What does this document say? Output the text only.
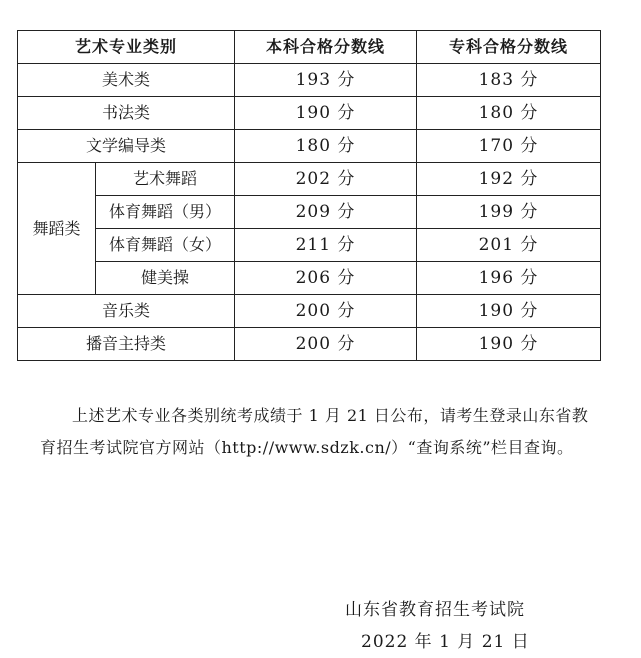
艺术专业类别		本科合格分数线	专科合格分数线
美术类		193 分	183 分
书法类		190 分	180 分
文学编导类		180 分	170 分
舞蹈类	艺术舞蹈	202 分	192 分
	体育舞蹈（男）	209 分	199 分
	体育舞蹈（女）	211 分	201 分
	健美操	206 分	196 分
音乐类		200 分	190 分
播音主持类		200 分	190 分

上述艺术专业各类别统考成绩于 1 月 21 日公布，请考生登录山东省教育招生考试院官方网站（http://www.sdzk.cn/）“查询系统”栏目查询。

山东省教育招生考试院
2022 年 1 月 21 日
